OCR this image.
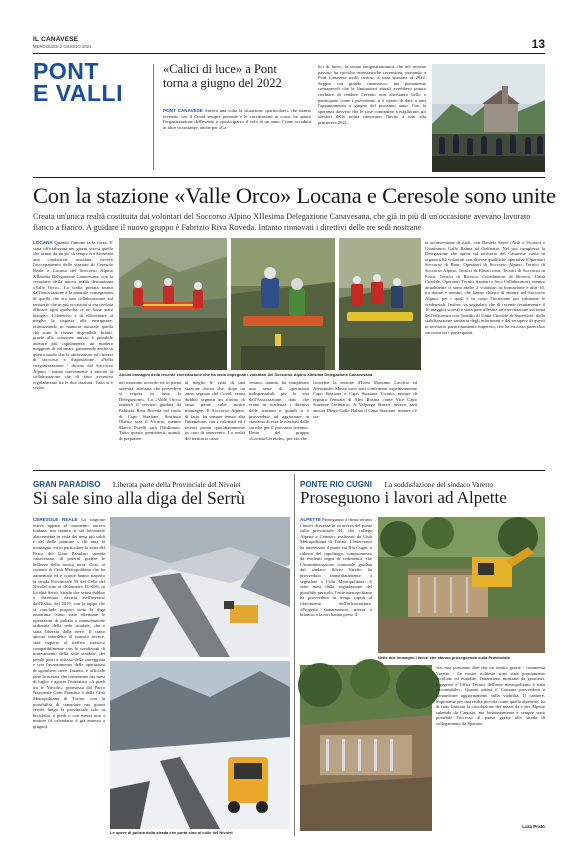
IL CANAVESE
MERCOLEDÌ 2 GIUGNO 2021	13
PONT
E VALLI
«Calici di luce» a Pont
torna a giugno del 2022
PONT CANAVESE Ancora una volta la situazione «particolare» che stiamo vivendo, con il Covid sempre presente e le vaccinazioni in corso, ha spinto l'organizzazione dell'evento a «posticipare» il volo di un anno. Come accaduto in altre circostanze, anche per «Ca-
lici di luce», la serata enogastronomica che nel recente passato ha raccolto entusiastiche recensioni, portando a Pont Canavese molti curiosi, è stata spostata al 2022. Seppur con grande rammarico, ma pienamente consapevoli che le limitazioni attuali avrebbero potuto rischiare di rendere l'evento non altrettanto bello e partecipato come i precedenti, si è optato di dare a tutti l'appuntamento a giugno del prossimo anno. Con la speranza davvero che le cose continuino a migliorare, gli ideatori della serata rinnovano l'invito a tutti alla primavera 2021...
Con la stazione «Valle Orco» Locana e Ceresole sono unite
Creata un'unica realtà costituita dai volontari del Soccorso Alpino XIIesima Delegazione Canavesana, che già in più di un'occasione avevano lavorato fianco a fianco. A guidare il nuovo gruppo è Fabrizio Riva Roveda. Intanto rinnovati i direttivi delle tre sedi nostrane
LOCANA Quando l'unione fa la forza. E' stata ufficializzata nei giorni scorsi quella che ormai da un po' di tempo era diventata una condizione assodata, ovvero l'accorpamento delle stazioni di Ceresole Reale e Locana del Soccorso Alpino XIIesima Delegazione Canavesana, con la creazione della nuova realtà denominata «Valle Orco». La scelta portata avanti dall'associazione è la naturale conseguenza di quella che era una collaborazione sul territorio che in più occasioni si era rivelata efficace ogni qualvolta ce ne fosse stato bisogno. L'obiettivo è di efficientare al meglio la risposta alle emergenze, ottimizzando in maniera naturale quella che sono le risorse disponibili. Infatti, grazie alla «stazione unica» è possibile attivare più rapidamente un numero maggiore di volontari, garantendo anche in questo modo che le attrezzature ed i mezzi di soccorso a disposizione. «Nella riorganizzazione - dicono dal Soccorso Alpino - vanno nuovamente a sancire la collaborazione che di fatto avveniva regolarmente tra le due stazioni. Tutto si è svolto
Alcuni immagini della recente esercitazione che ha visto impegnati i volontari del Soccorso Alpino XIIesima Delegazione Canavesana
nel massimo accordo ed in piena serenità, attestata che prevedeva si respira in tutta la Delegazione». La «Valle Orco» inizierà il servizio guidata da Fabrizio Riva Roveda nel ruolo di Capo Stazione, Sostituto Oberto sarà il Vicario, mentre Marco Porelli sarà l'Ordinario. Tutto questo permetterà, quindi, di preparare
al meglio le vista di una stazione estiva che, dopo un anno segnato dal Covid, senza dubbio segnerà un ritorno di tanta gente sulle nostre montagne. Il Soccorso Alpino, di fatto, ha sempre tenuto alta l'attenzione, con i volontari ed i tecnici pronti quotidianamente in caso di intervento. La realtà del territorio cana-
vesano, intanto, ha completato una serie di operazioni indispensabili per la vita dell'Associazione, dato che erano in scadenza i direttivi delle stazioni e quindi si è provveduto ad aggiornare in ciascuna di esse le elezioni delle cariche per il prossimo triennio. Detto del gruppo «Locana/Ceresole», per ciò che
concerne la sezione d'Ivrea Massimo Lacchio ed Alessandro Massa sono stati confermati rispettivamente Capo Stazione e Capo Stazione Vicario, mentre di registra l'entrata di Alex Rosina come Vice Capo Stazione Ordinario. A Valperga Stazzo, invece, sarà ancora Diego Gallo Balma il Capo Stazione, mentre c'è sta-
ta un'inversione di ruoli, con Daniele Savio (Arth o Vicario) e Gianfranco Gallo Balma ad Ordinario. Nel suo complesso la Delegazione che opera sul territorio del Canavese conta in organico 82 volontari con diverse qualifiche operative (Operatori Soccorso di Base, Operatori di Soccorso Alpino, Tecnici di Soccorso Alpino, Tecnici di Elisoccorso, Tecnici di Soccorso in Forra, Tecnici di Ricerca, Coordinatori di Ricerca, Unità Cinofile, Operatori Tecnici Sanitari e Soci Collaboratori), mentre attualmente ci sono anche 2 volontari in formazione e altri 10, tra donne e uomini, che hanno chiesto di entrare nel Soccorso Alpino, per i quali è in corso l'iscrizione per valutarne le credenziali. Inoltre, va segnalato che di recente (esattamente il 16 maggio) scorsi) è stata pure allestita un'esercitazione sul tema dell'efficienza con l'ausilio di Unità Cinofile di Superficie, della stabilizzazione sanitaria degli infortunati e del recupero di questi in territorio particolarmente impervio, che ha riscosso parecchio successo tra i partecipanti.
GRAN PARADISO Liberata parte della Provinciale del Nivolet
Si sale sino alla diga del Serrù
CERESOLE REALE La stagione estiva appare al momento ancora lontana, ma intanto si sta lavorando alacremente in vista dei mesi più caldi e del dalle piantine i chi ama la montagna, ed in particolare la zona del Parco del Gran Paradiso spenda canavesana, di poterni godere le bellezze della nostra terra. Così, ai comuni di Città Metropolitana che ha aumentato ed è sconte hanno riaperto la strada Provinciale 50 del Colle del Nivolet sino al chilometro 11+650, in località Serrù. Strada che senza dubbio è diventata nevosa nell'inverno dall'Italia» del 2019, con la tappa che si conclude proprio sotto la diga omonima. Sono state effettuate le operazioni di pulizia e manutenzione ordinaria della sede stradale, che è stata liberata dalla neve. Il tratto ancora interdetto al transito invece, sarà riaperto al traffico turistico compatibilmente con le condizioni di innevamento della sede stradale, dei pendii posti a ridosso della carreggiata e con l'avanzamento delle operazioni di sgombero neve. Intanto, è ufficiale pure la notizia che torneranno nei mesi di luglio e agosto l'iniziativa «A piedi tra le Nuvole», promossa dal Parco Nazionale Gran Paradiso e dalla Città Metropolitana di Torino, con la possibilità di transitare nei giorni festivi lungo la provinciale solo in bicicletta, a piedi o con mezzi non a motore (il calendario è già emesso a giugno).
Le opere di pulizia della strada che porta sino al colle del Nivolet
PONTE RIO CUGNI La soddisfazione del sindaco Varetto
Proseguono i lavori ad Alpette
ALPETTE Proseguono a ritmo serrato i lavori di messa in sicurezza del ponte sulla provinciale 44, che collega Alpette e Canosio, realizzati da Città Metropolitana di Torino. L'intervento ha interessato il ponte sul Rio Cugni, a ridosso del capoluogo, compromesso da evidenti segni di cedimento, che l'Amministrazione comunale guidata dal sindaco Silvio Varetto ha provveduto immediatamente a segnalare a Città Metropolitana. A sette mesi dalla segnalazione del possibile pericolo, l'ente metropolitano ha provveduto in tempi rapidi al rifacimento dell'infrastruttura. «Progetto, stanziamento, messa a bilancio e lavori hanno preso il
Nelle due immagini i lavori che stanno proseguendo sulla Provinciale
via, non possiamo dire che un sentito grazie - commenta Varetto - Le nostre richieste sono state prontamente ascoltate ed esaudite, l'attenzione mostrata da geometri, ingegneri e Uffici Tecnici dell'ente metropolitano è stata encomiabile». Quanto prima il Comune provvederà a comunicare aggiornamenti sulla viabilità. Il cantiere, importante per una realtà piccola come quella alpettese, ha di fatto limitato la circolazione dei mezzi da e per Alpette subendo da Canosio, ma fortunatamente è sempre stato possibile l'accesso al paese grazie alla strada di collegamento da Sparone.
Lara Prato
